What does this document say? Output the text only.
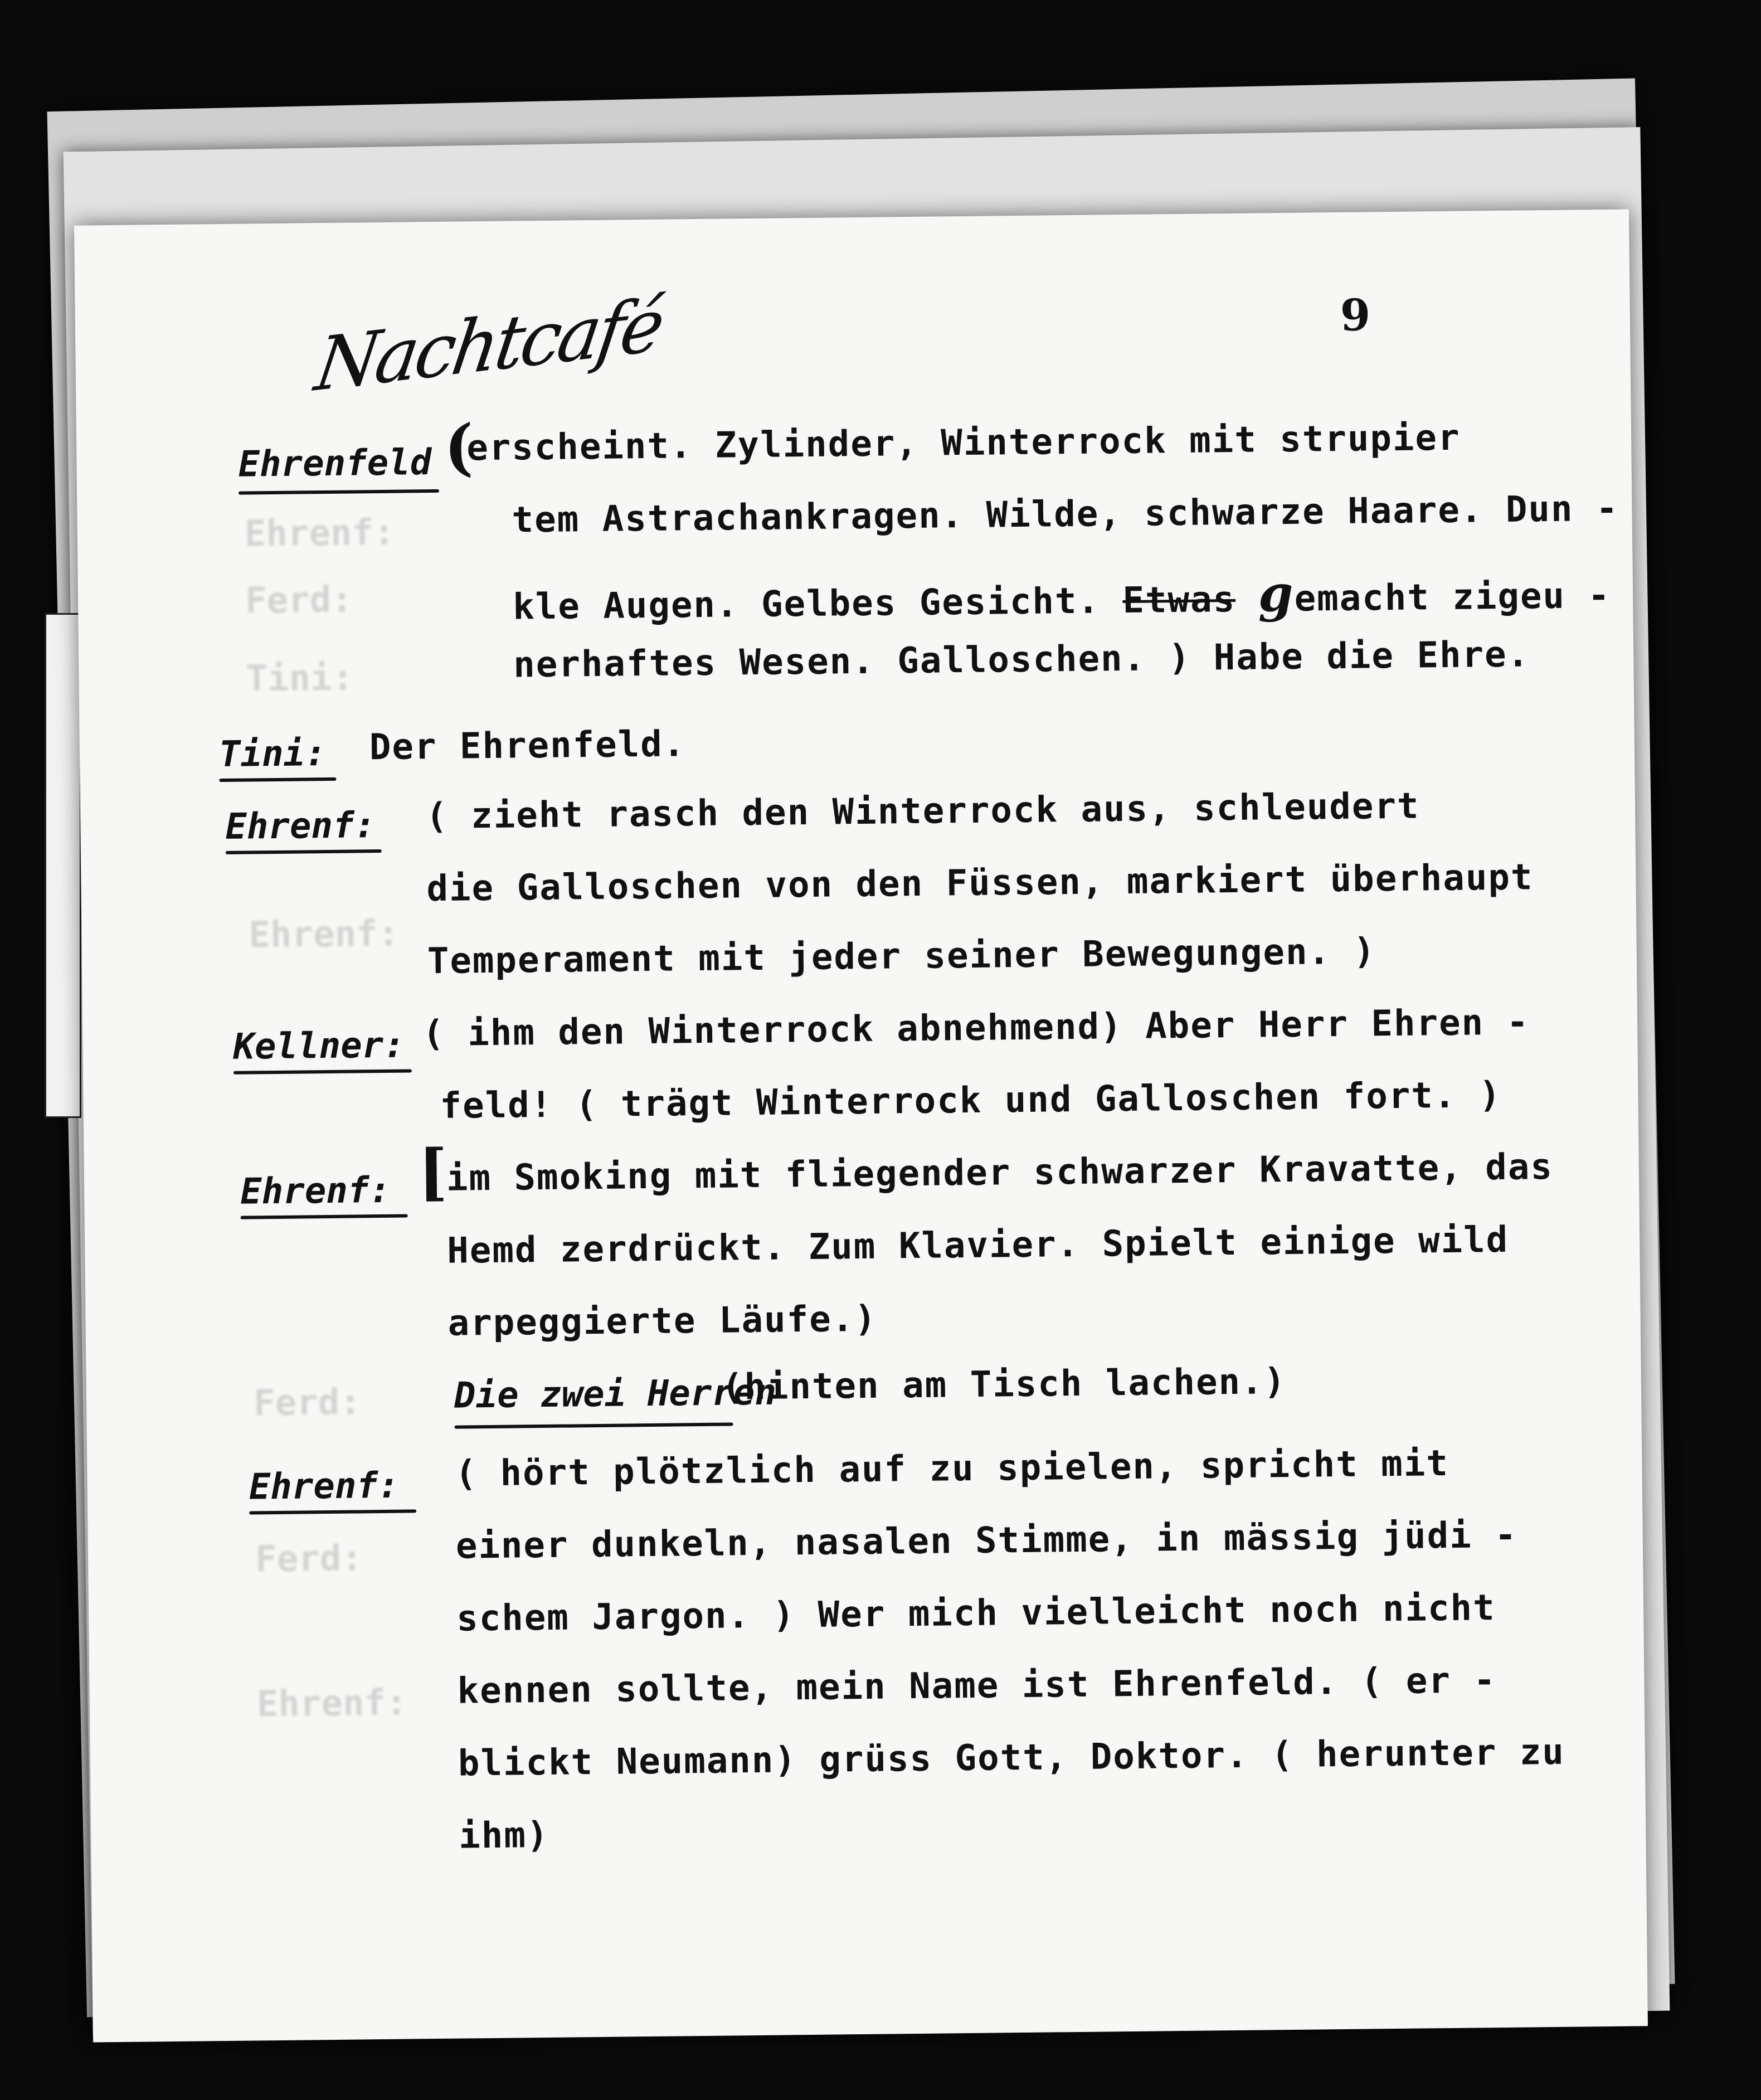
Ehrenf:
Ferd:
Tini:
Ehrenf:
Ferd:
Ferd:
Ehrenf:
9
Nachtcafé
Ehrenfeld (
erscheint. Zylinder, Winterrock mit strupier
tem Astrachankragen. Wilde, schwarze Haare. Dun -
kle Augen. Gelbes Gesicht. Etwas gemacht zigeu -
nerhaftes Wesen. Galloschen. ) Habe die Ehre.
Tini: Der Ehrenfeld.
Ehrenf: ( zieht rasch den Winterrock aus, schleudert
die Galloschen von den Füssen, markiert überhaupt
Temperament mit jeder seiner Bewegungen. )
Kellner: ( ihm den Winterrock abnehmend) Aber Herr Ehren -
feld! ( trägt Winterrock und Galloschen fort. )
Ehrenf: [
im Smoking mit fliegender schwarzer Kravatte, das
Hemd zerdrückt. Zum Klavier. Spielt einige wild
arpeggierte Läufe.)
Die zwei Herren
(hinten am Tisch lachen.)
Ehrenf: ( hört plötzlich auf zu spielen, spricht mit
einer dunkeln, nasalen Stimme, in mässig jüdi -
schem Jargon. ) Wer mich vielleicht noch nicht
kennen sollte, mein Name ist Ehrenfeld. ( er -
blickt Neumann) grüss Gott, Doktor. ( herunter zu
ihm)
